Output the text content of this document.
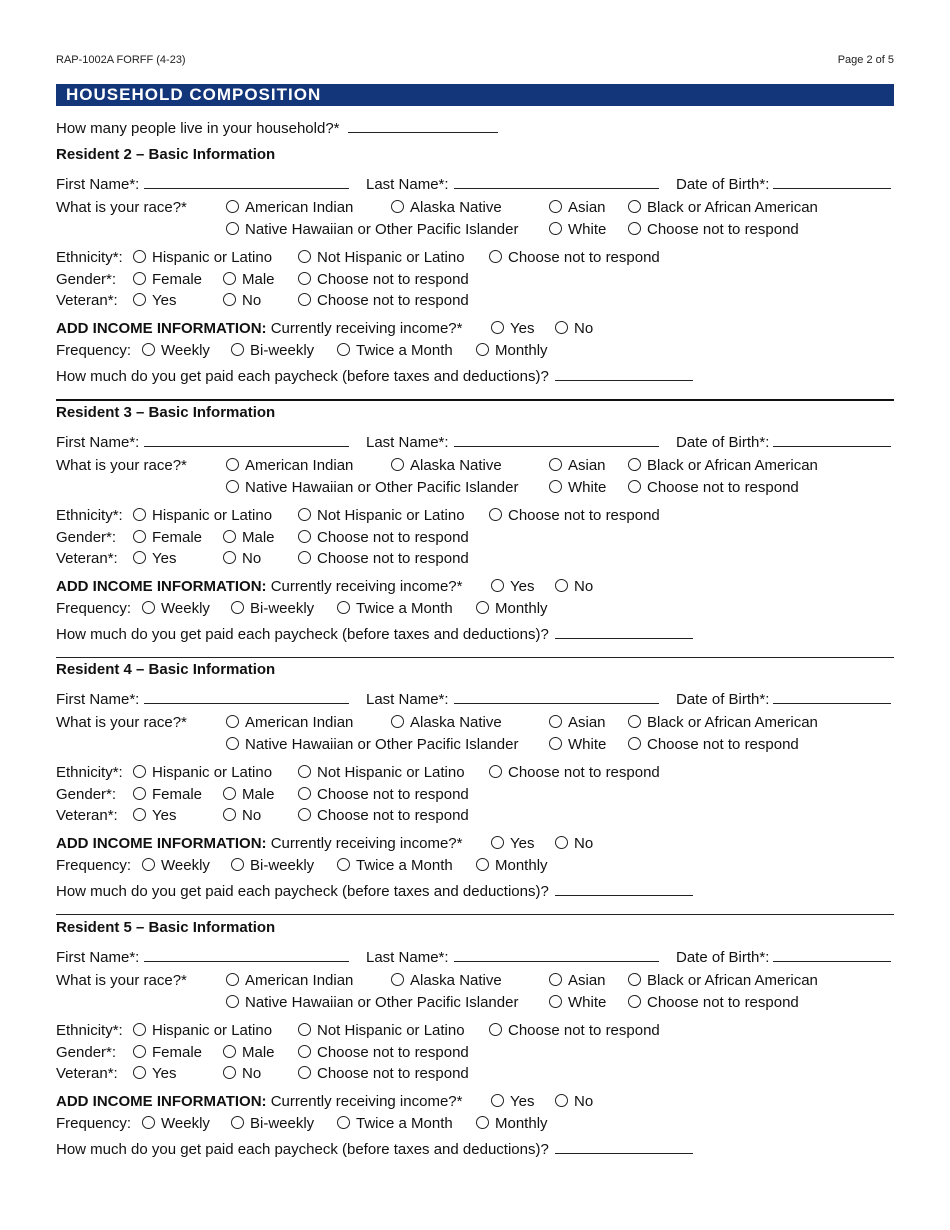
RAP-1002A FORFF (4-23)	Page 2 of 5
HOUSEHOLD COMPOSITION
How many people live in your household?*
Resident 2 – Basic Information
First Name*:	Last Name*:	Date of Birth*:
What is your race?*	American Indian	Alaska Native	Asian	Black or African American
Native Hawaiian or Other Pacific Islander	White	Choose not to respond
Ethnicity*:	Hispanic or Latino	Not Hispanic or Latino	Choose not to respond
Gender*:	Female	Male	Choose not to respond
Veteran*:	Yes	No	Choose not to respond
ADD INCOME INFORMATION: Currently receiving income?*	Yes	No
Frequency:	Weekly	Bi-weekly	Twice a Month	Monthly
How much do you get paid each paycheck (before taxes and deductions)?
Resident 3 – Basic Information
First Name*:	Last Name*:	Date of Birth*:
What is your race?*	American Indian	Alaska Native	Asian	Black or African American
Native Hawaiian or Other Pacific Islander	White	Choose not to respond
Ethnicity*:	Hispanic or Latino	Not Hispanic or Latino	Choose not to respond
Gender*:	Female	Male	Choose not to respond
Veteran*:	Yes	No	Choose not to respond
ADD INCOME INFORMATION: Currently receiving income?*	Yes	No
Frequency:	Weekly	Bi-weekly	Twice a Month	Monthly
How much do you get paid each paycheck (before taxes and deductions)?
Resident 4 – Basic Information
First Name*:	Last Name*:	Date of Birth*:
What is your race?*	American Indian	Alaska Native	Asian	Black or African American
Native Hawaiian or Other Pacific Islander	White	Choose not to respond
Ethnicity*:	Hispanic or Latino	Not Hispanic or Latino	Choose not to respond
Gender*:	Female	Male	Choose not to respond
Veteran*:	Yes	No	Choose not to respond
ADD INCOME INFORMATION: Currently receiving income?*	Yes	No
Frequency:	Weekly	Bi-weekly	Twice a Month	Monthly
How much do you get paid each paycheck (before taxes and deductions)?
Resident 5 – Basic Information
First Name*:	Last Name*:	Date of Birth*:
What is your race?*	American Indian	Alaska Native	Asian	Black or African American
Native Hawaiian or Other Pacific Islander	White	Choose not to respond
Ethnicity*:	Hispanic or Latino	Not Hispanic or Latino	Choose not to respond
Gender*:	Female	Male	Choose not to respond
Veteran*:	Yes	No	Choose not to respond
ADD INCOME INFORMATION: Currently receiving income?*	Yes	No
Frequency:	Weekly	Bi-weekly	Twice a Month	Monthly
How much do you get paid each paycheck (before taxes and deductions)?
